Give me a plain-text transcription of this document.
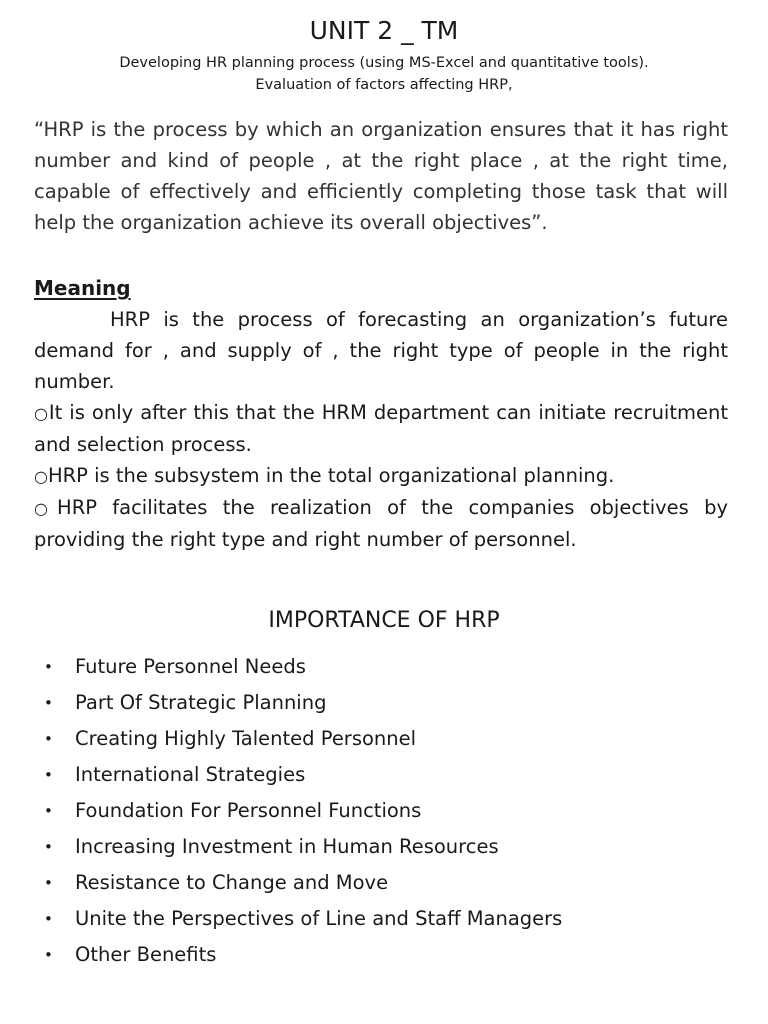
UNIT 2 _ TM
Developing HR planning process (using MS-Excel and quantitative tools).
Evaluation of factors affecting HRP,
“HRP is the process by which an organization ensures that it has right number and kind of people , at the right place , at the right time, capable of effectively and efficiently completing those task that will help the organization achieve its overall objectives”.
Meaning

HRP is the process of forecasting an organization’s future demand for , and supply of , the right type of people in the right number.

○It is only after this that the HRM department can initiate recruitment and selection process.

○HRP is the subsystem in the total organizational planning.

○HRP facilitates the realization of the companies objectives by providing the right type and right number of personnel.

IMPORTANCE OF HRP
• Future Personnel Needs
• Part Of Strategic Planning
• Creating Highly Talented Personnel
• International Strategies
• Foundation For Personnel Functions
• Increasing Investment in Human Resources
• Resistance to Change and Move
• Unite the Perspectives of Line and Staff Managers
• Other Benefits
